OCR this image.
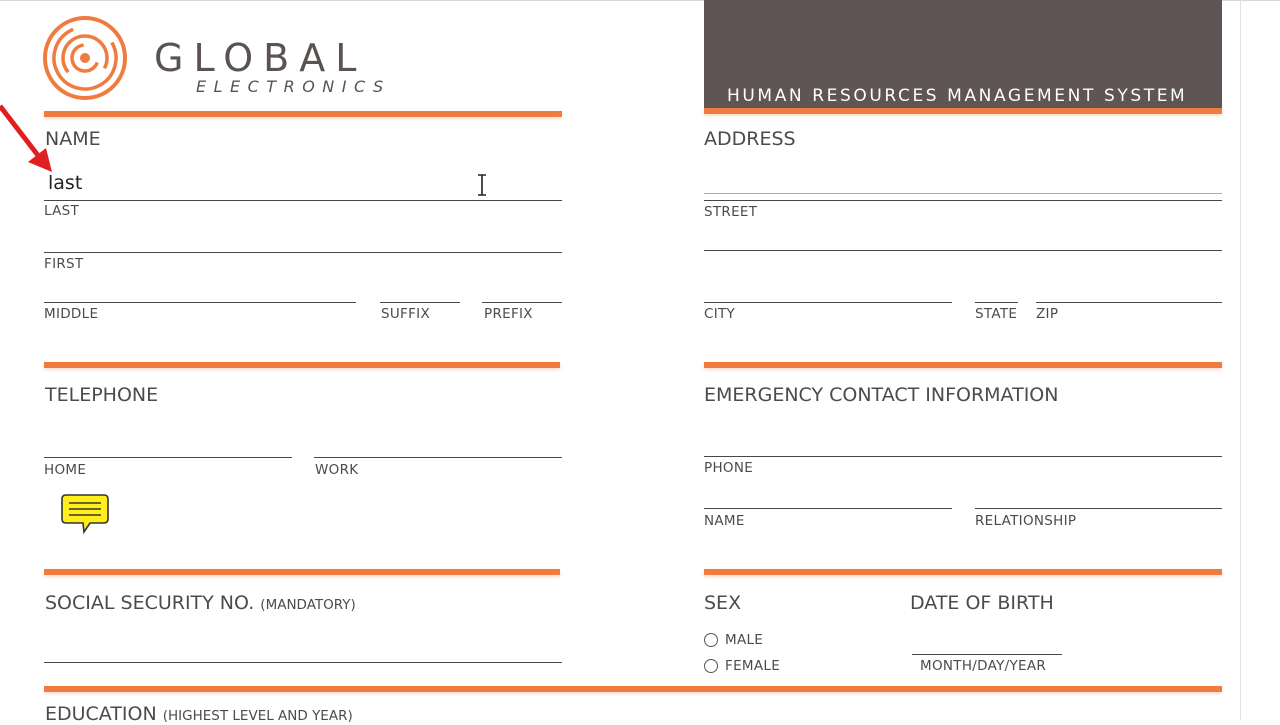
GLOBAL
ELECTRONICS	HUMAN RESOURCES MANAGEMENT SYSTEM
NAME
last
LAST
FIRST
MIDDLE	SUFFIX	PREFIX
ADDRESS
STREET
CITY	STATE ZIP
TELEPHONE
HOME	WORK
EMERGENCY CONTACT INFORMATION
PHONE
NAME	RELATIONSHIP
SOCIAL SECURITY NO. (MANDATORY)	SEX
MALE
FEMALE
DATE OF BIRTH
MONTH/DAY/YEAR
EDUCATION (HIGHEST LEVEL AND YEAR)
